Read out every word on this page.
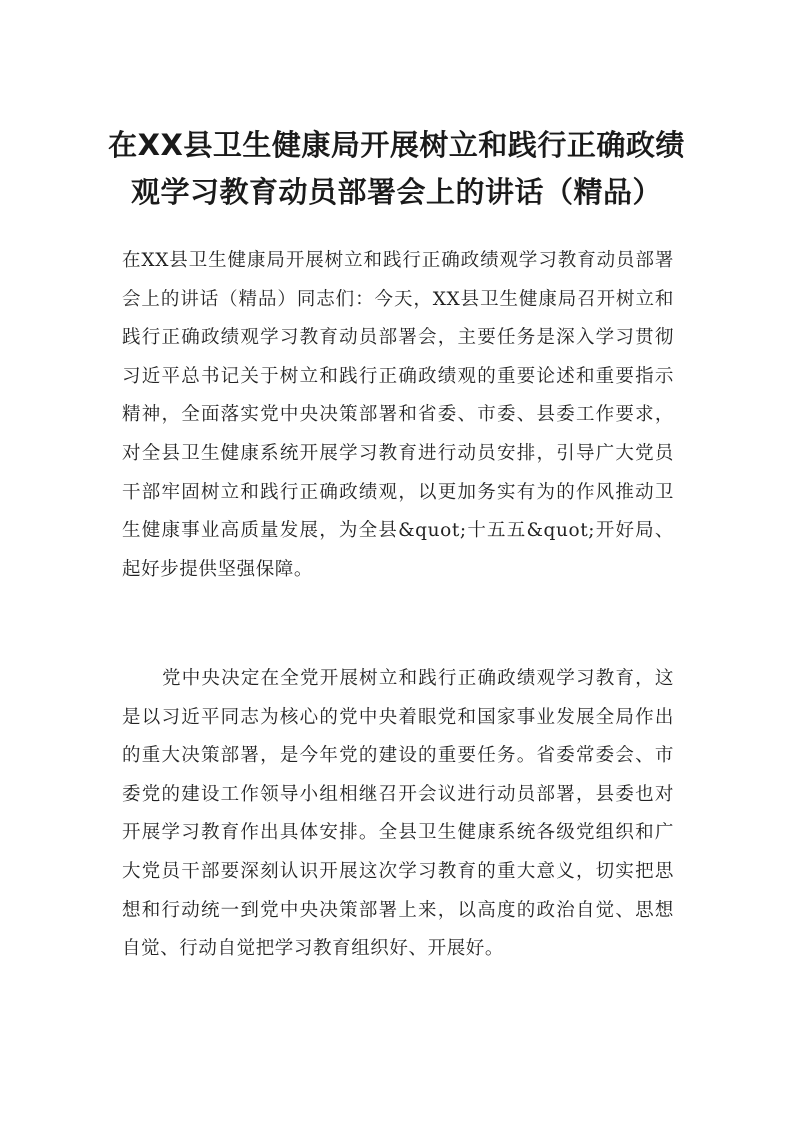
在XX县卫生健康局开展树立和践行正确政绩观学习教育动员部署会上的讲话（精品）

在XX县卫生健康局开展树立和践行正确政绩观学习教育动员部署会上的讲话（精品）同志们：今天，XX县卫生健康局召开树立和践行正确政绩观学习教育动员部署会，主要任务是深入学习贯彻习近平总书记关于树立和践行正确政绩观的重要论述和重要指示精神，全面落实党中央决策部署和省委、市委、县委工作要求，对全县卫生健康系统开展学习教育进行动员安排，引导广大党员干部牢固树立和践行正确政绩观，以更加务实有为的作风推动卫生健康事业高质量发展，为全县&quot;十五五&quot;开好局、起好步提供坚强保障。

党中央决定在全党开展树立和践行正确政绩观学习教育，这是以习近平同志为核心的党中央着眼党和国家事业发展全局作出的重大决策部署，是今年党的建设的重要任务。省委常委会、市委党的建设工作领导小组相继召开会议进行动员部署，县委也对开展学习教育作出具体安排。全县卫生健康系统各级党组织和广大党员干部要深刻认识开展这次学习教育的重大意义，切实把思想和行动统一到党中央决策部署上来，以高度的政治自觉、思想自觉、行动自觉把学习教育组织好、开展好。
